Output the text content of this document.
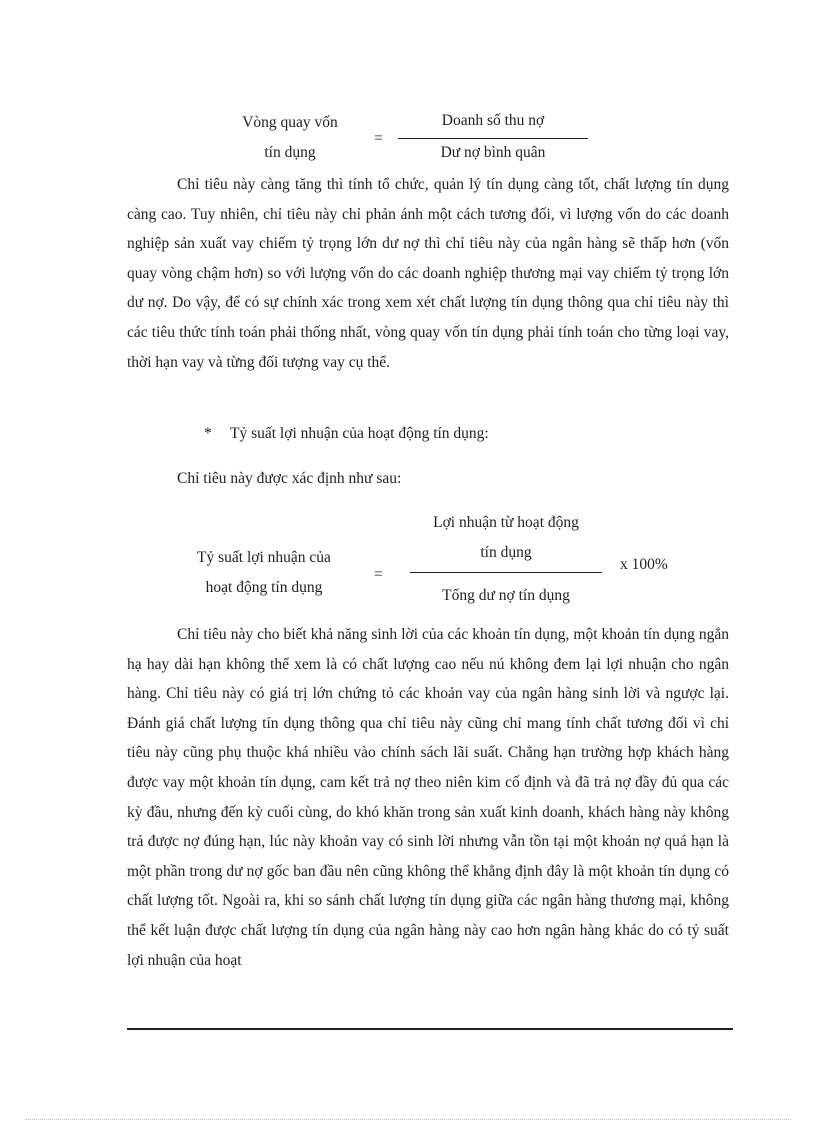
Vòng quay vốn
tín dụng
=
Doanh số thu nợ
Dư nợ bình quân

Chỉ tiêu này càng tăng thì tính tổ chức, quản lý tín dụng càng tốt, chất lượng tín dụng càng cao. Tuy nhiên, chỉ tiêu này chỉ phản ánh một cách tương đối, vì lượng vốn do các doanh nghiệp sản xuất vay chiếm tỷ trọng lớn dư nợ thì chỉ tiêu này của ngân hàng sẽ thấp hơn (vốn quay vòng chậm hơn) so với lượng vốn do các doanh nghiệp thương mại vay chiếm tỷ trọng lớn dư nợ. Do vậy, để có sự chính xác trong xem xét chất lượng tín dụng thông qua chỉ tiêu này thì các tiêu thức tính toán phải thống nhất, vòng quay vốn tín dụng phải tính toán cho từng loại vay, thời hạn vay và từng đối tượng vay cụ thể.

* Tỷ suất lợi nhuận của hoạt động tín dụng:
Chỉ tiêu này được xác định như sau:
Tỷ suất lợi nhuận của
hoạt động tín dụng
=
Lợi nhuận từ hoạt động
tín dụng
Tổng dư nợ tín dụng
x 100%

Chỉ tiêu này cho biết khả năng sinh lời của các khoản tín dụng, một khoản tín dụng ngắn hạ hay dài hạn không thể xem là có chất lượng cao nếu nú không đem lại lợi nhuận cho ngân hàng. Chỉ tiêu này có giá trị lớn chứng tỏ các khoản vay của ngân hàng sinh lời và ngược lại. Đánh giá chất lượng tín dụng thông qua chỉ tiêu này cũng chỉ mang tính chất tương đối vì chỉ tiêu này cũng phụ thuộc khá nhiều vào chính sách lãi suất. Chẳng hạn trường hợp khách hàng được vay một khoản tín dụng, cam kết trả nợ theo niên kim cố định và đã trả nợ đầy đủ qua các kỳ đầu, nhưng đến kỳ cuối cùng, do khó khăn trong sản xuất kinh doanh, khách hàng này không trả được nợ đúng hạn, lúc này khoản vay có sinh lời nhưng vẫn tồn tại một khoản nợ quá hạn là một phần trong dư nợ gốc ban đầu nên cũng không thể khẳng định đây là một khoản tín dụng có chất lượng tốt. Ngoài ra, khi so sánh chất lượng tín dụng giữa các ngân hàng thương mại, không thể kết luận được chất lượng tín dụng của ngân hàng này cao hơn ngân hàng khác do có tỷ suất lợi nhuận của hoạt
